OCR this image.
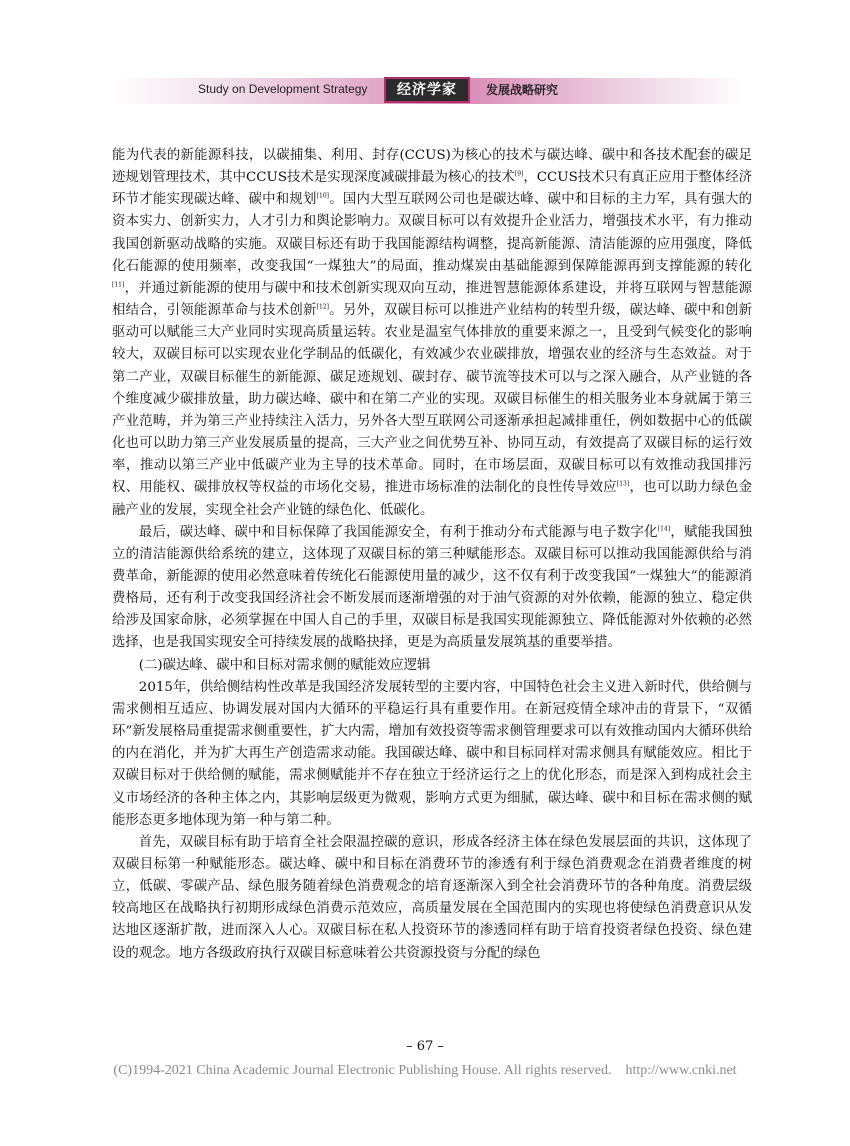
Study on Development Strategy	经济学家	发展战略研究

能为代表的新能源科技，以碳捕集、利用、封存(CCUS)为核心的技术与碳达峰、碳中和各技术配套的碳足迹规划管理技术，其中CCUS技术是实现深度减碳排最为核心的技术[9]，CCUS技术只有真正应用于整体经济环节才能实现碳达峰、碳中和规划[10]。国内大型互联网公司也是碳达峰、碳中和目标的主力军，具有强大的资本实力、创新实力，人才引力和舆论影响力。双碳目标可以有效提升企业活力，增强技术水平，有力推动我国创新驱动战略的实施。双碳目标还有助于我国能源结构调整，提高新能源、清洁能源的应用强度，降低化石能源的使用频率，改变我国“一煤独大”的局面，推动煤炭由基础能源到保障能源再到支撑能源的转化[11]，并通过新能源的使用与碳中和技术创新实现双向互动，推进智慧能源体系建设，并将互联网与智慧能源相结合，引领能源革命与技术创新[12]。另外，双碳目标可以推进产业结构的转型升级，碳达峰、碳中和创新驱动可以赋能三大产业同时实现高质量运转。农业是温室气体排放的重要来源之一，且受到气候变化的影响较大，双碳目标可以实现农业化学制品的低碳化，有效减少农业碳排放，增强农业的经济与生态效益。对于第二产业，双碳目标催生的新能源、碳足迹规划、碳封存、碳节流等技术可以与之深入融合，从产业链的各个维度减少碳排放量，助力碳达峰、碳中和在第二产业的实现。双碳目标催生的相关服务业本身就属于第三产业范畴，并为第三产业持续注入活力，另外各大型互联网公司逐渐承担起减排重任，例如数据中心的低碳化也可以助力第三产业发展质量的提高，三大产业之间优势互补、协同互动，有效提高了双碳目标的运行效率，推动以第三产业中低碳产业为主导的技术革命。同时，在市场层面，双碳目标可以有效推动我国排污权、用能权、碳排放权等权益的市场化交易，推进市场标准的法制化的良性传导效应[13]，也可以助力绿色金融产业的发展，实现全社会产业链的绿色化、低碳化。

最后，碳达峰、碳中和目标保障了我国能源安全，有利于推动分布式能源与电子数字化[14]，赋能我国独立的清洁能源供给系统的建立，这体现了双碳目标的第三种赋能形态。双碳目标可以推动我国能源供给与消费革命，新能源的使用必然意味着传统化石能源使用量的减少，这不仅有利于改变我国“一煤独大”的能源消费格局，还有利于改变我国经济社会不断发展而逐渐增强的对于油气资源的对外依赖，能源的独立、稳定供给涉及国家命脉，必须掌握在中国人自己的手里，双碳目标是我国实现能源独立、降低能源对外依赖的必然选择，也是我国实现安全可持续发展的战略抉择，更是为高质量发展筑基的重要举措。

(二)碳达峰、碳中和目标对需求侧的赋能效应逻辑

2015年，供给侧结构性改革是我国经济发展转型的主要内容，中国特色社会主义进入新时代，供给侧与需求侧相互适应、协调发展对国内大循环的平稳运行具有重要作用。在新冠疫情全球冲击的背景下，“双循环”新发展格局重提需求侧重要性，扩大内需，增加有效投资等需求侧管理要求可以有效推动国内大循环供给的内在消化，并为扩大再生产创造需求动能。我国碳达峰、碳中和目标同样对需求侧具有赋能效应。相比于双碳目标对于供给侧的赋能，需求侧赋能并不存在独立于经济运行之上的优化形态，而是深入到构成社会主义市场经济的各种主体之内，其影响层级更为微观，影响方式更为细腻，碳达峰、碳中和目标在需求侧的赋能形态更多地体现为第一种与第二种。

首先，双碳目标有助于培育全社会限温控碳的意识，形成各经济主体在绿色发展层面的共识，这体现了双碳目标第一种赋能形态。碳达峰、碳中和目标在消费环节的渗透有利于绿色消费观念在消费者维度的树立，低碳、零碳产品、绿色服务随着绿色消费观念的培育逐渐深入到全社会消费环节的各种角度。消费层级较高地区在战略执行初期形成绿色消费示范效应，高质量发展在全国范围内的实现也将使绿色消费意识从发达地区逐渐扩散，进而深入人心。双碳目标在私人投资环节的渗透同样有助于培育投资者绿色投资、绿色建设的观念。地方各级政府执行双碳目标意味着公共资源投资与分配的绿色

– 67 –
(C)1994-2021 China Academic Journal Electronic Publishing House. All rights reserved.    http://www.cnki.net
